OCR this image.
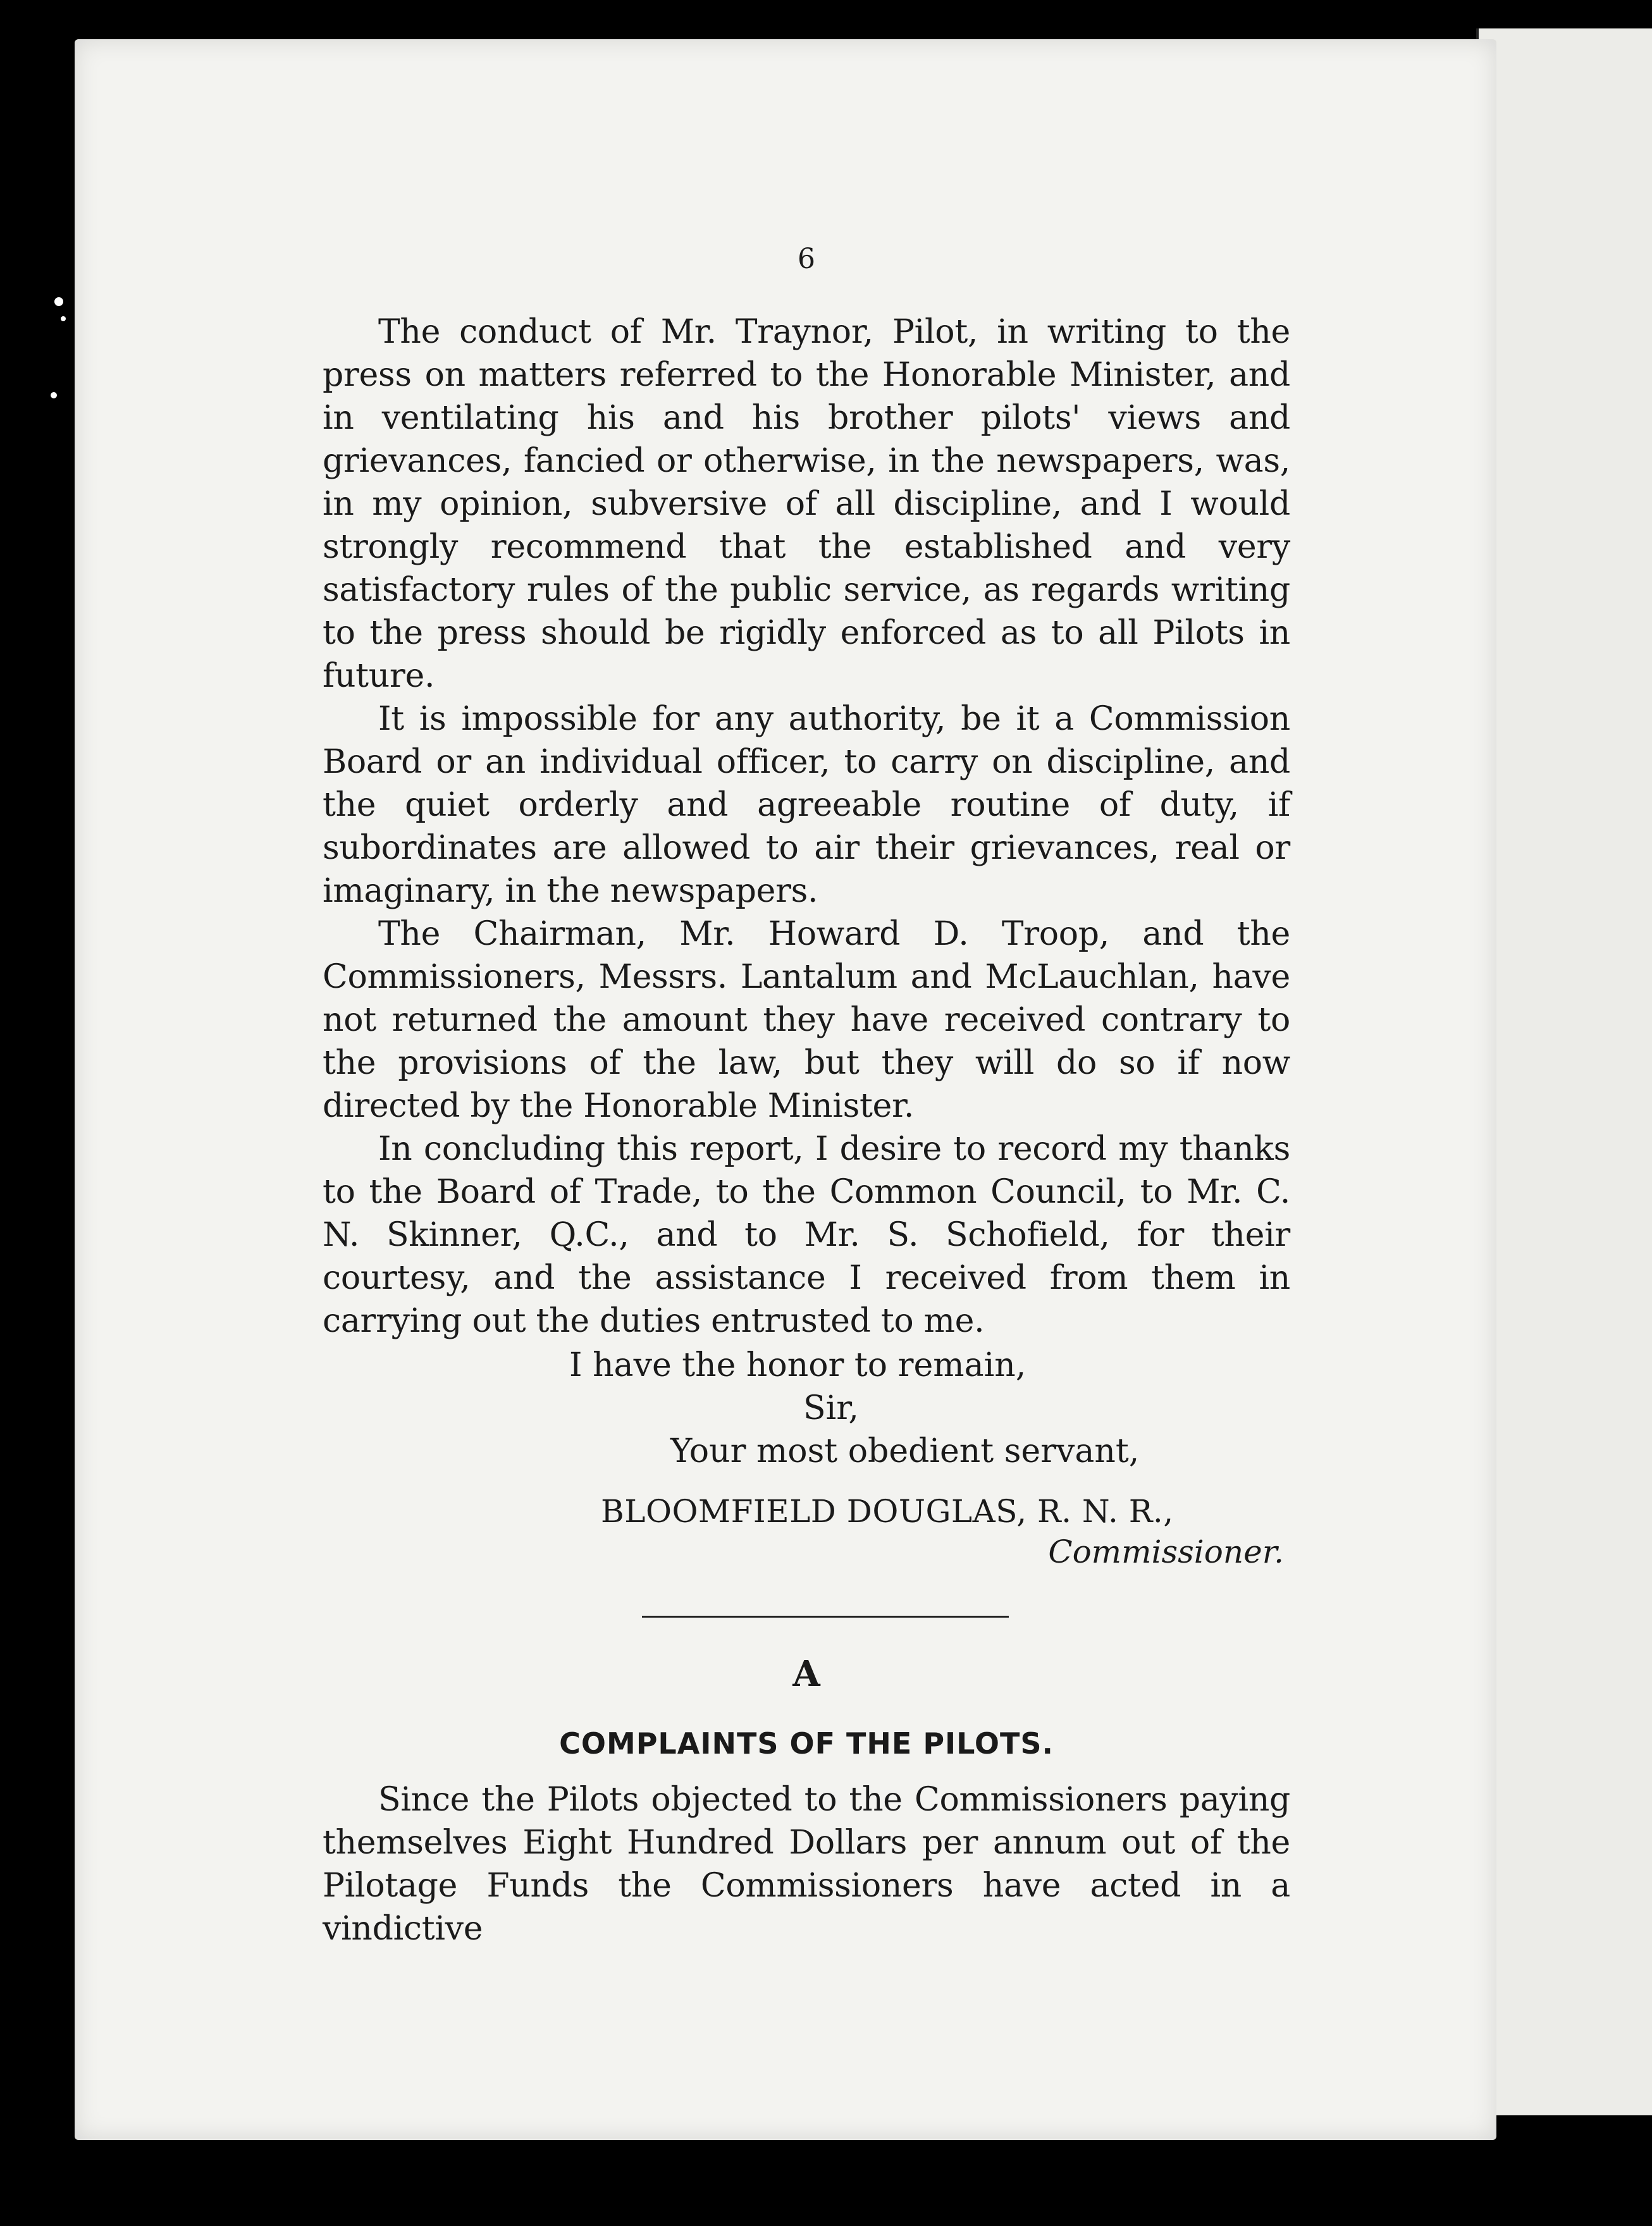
6

The conduct of Mr. Traynor, Pilot, in writing to the press on matters referred to the Honorable Minister, and in ventilating his and his brother pilots' views and grievances, fancied or otherwise, in the newspapers, was, in my opinion, subversive of all discipline, and I would strongly recommend that the established and very satisfactory rules of the public service, as regards writing to the press should be rigidly enforced as to all Pilots in future.

It is impossible for any authority, be it a Commission Board or an individual officer, to carry on discipline, and the quiet orderly and agreeable routine of duty, if subordinates are allowed to air their grievances, real or imaginary, in the newspapers.

The Chairman, Mr. Howard D. Troop, and the Commissioners, Messrs. Lantalum and McLauchlan, have not returned the amount they have received contrary to the provisions of the law, but they will do so if now directed by the Honorable Minister.

In concluding this report, I desire to record my thanks to the Board of Trade, to the Common Council, to Mr. C. N. Skinner, Q.C., and to Mr. S. Schofield, for their courtesy, and the assistance I received from them in carrying out the duties entrusted to me.

I have the honor to remain,

Sir,

Your most obedient servant,

BLOOMFIELD DOUGLAS, R. N. R.,
Commissioner.
A
COMPLAINTS OF THE PILOTS.

Since the Pilots objected to the Commissioners paying themselves Eight Hundred Dollars per annum out of the Pilotage Funds the Commissioners have acted in a vindictive
